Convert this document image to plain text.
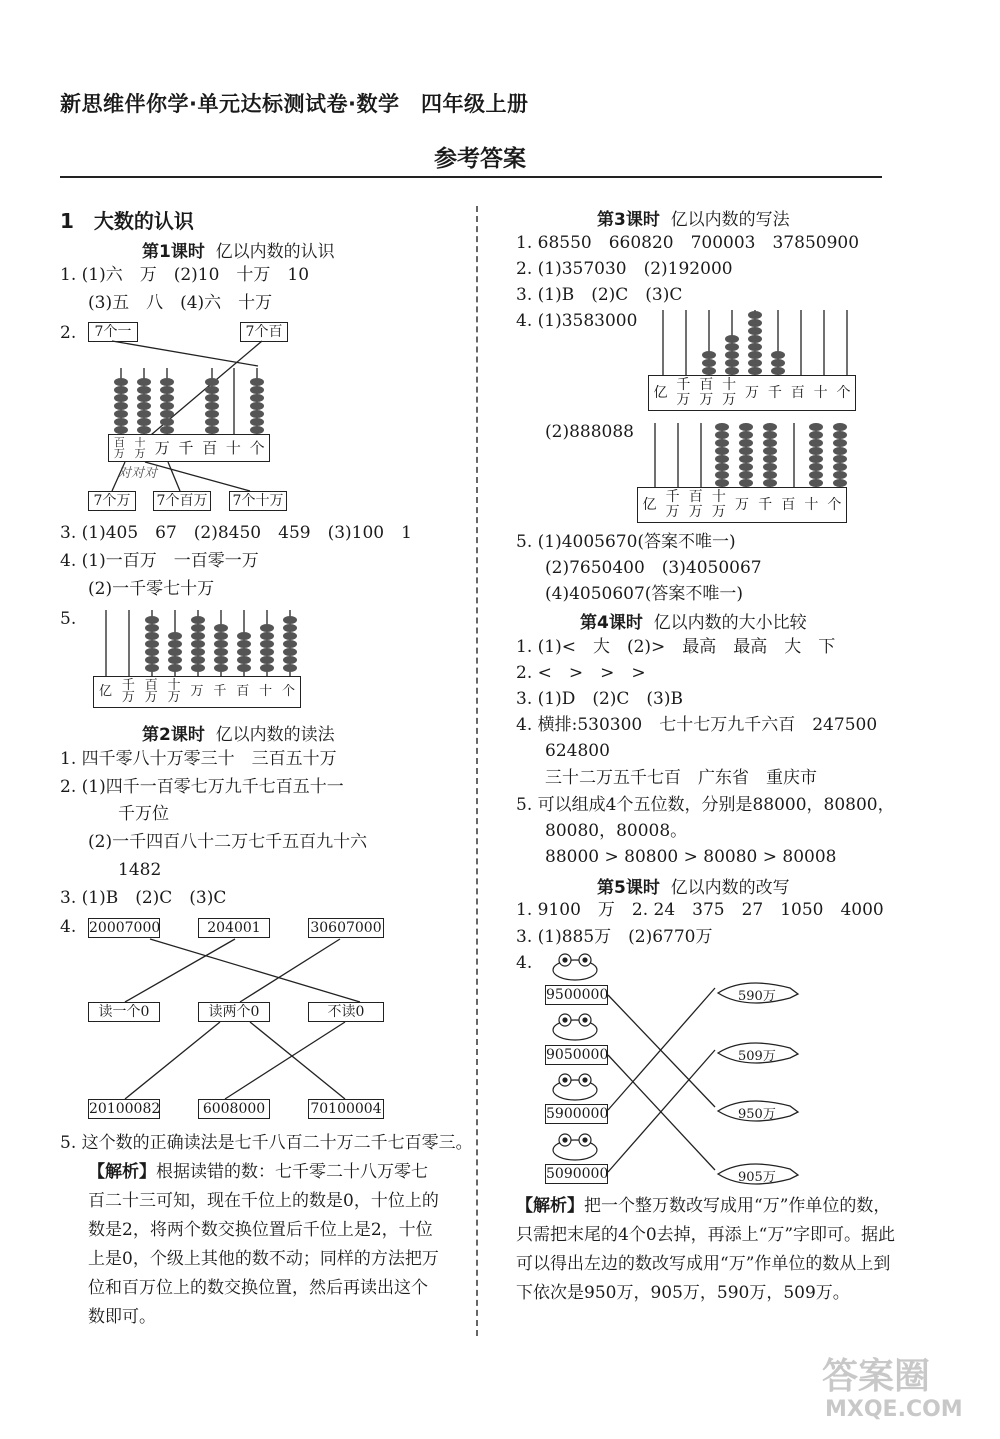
新思维伴你学·单元达标测试卷·数学　四年级上册
参考答案
1　大数的认识
第1课时 亿以内数的认识
1. (1)六　万　(2)10　十万　10
(3)五　八　(4)六　十万
2.	7个一	7个百
百万
十万 万 千 百 十 个
对对对
7个万	7个百万 7个十万
3. (1)405　67　(2)8450　459　(3)100　1
4. (1)一百万　一百零一万
(2)一千零七十万
5.
亿 千万
百万
十万 万 千 百 十 个
第2课时 亿以内数的读法
1. 四千零八十万零三十　三百五十万
2. (1)四千一百零七万九千七百五十一
千万位
(2)一千四百八十二万七千五百九十六
1482
3. (1)B　(2)C　(3)C
4. 20007000	204001	30607000
读一个0	读两个0	不读0
20100082	6008000	70100004
5. 这个数的正确读法是七千八百二十万二千七百零三。
【解析】根据读错的数：七千零二十八万零七百二十三可知，现在千位上的数是0，十位上的数是2，将两个数交换位置后千位上是2，十位上是0，个级上其他的数不动；同样的方法把万位和百万位上的数交换位置，然后再读出这个数即可。
第3课时 亿以内数的写法
1. 68550　660820　700003　37850900
2. (1)357030　(2)192000
3. (1)B　(2)C　(3)C
4. (1)3583000
(2)888088
亿 千万
百万
十万 万 千 百 十 个
亿 千万
百万
十万 万 千 百 十 个
5. (1)4005670(答案不唯一)
(2)7650400　(3)4050067
(4)4050607(答案不唯一)
第4课时 亿以内数的大小比较
1. (1)<　大　(2)>　最高　最高　大　下
2. <　>　>　>
3. (1)D　(2)C　(3)B
4. 横排:530300　七十七万九千六百　247500
624800
三十二万五千七百　广东省　重庆市
5. 可以组成4个五位数，分别是88000，80800，
80080，80008。
88000 > 80800 > 80080 > 80008
第5课时 亿以内数的改写
1. 9100　万　2. 24　375　27　1050　4000
3. (1)885万　(2)6770万
4.
9500000
9050000
5900000
5090000
590万
509万
950万
905万
【解析】把一个整万数改写成用“万”作单位的数，只需把末尾的4个0去掉，再添上“万”字即可。据此可以得出左边的数改写成用“万”作单位的数从上到下依次是950万，905万，590万，509万。
答案圈
MXQE.COM
